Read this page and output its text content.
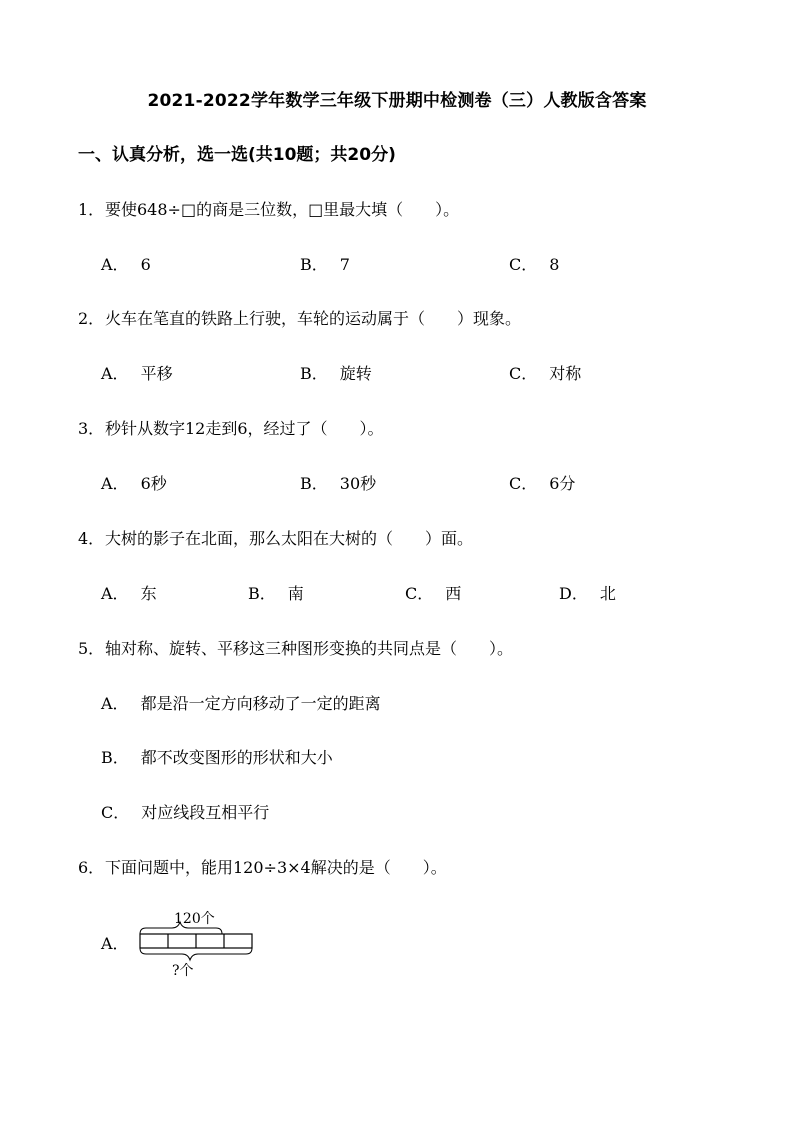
2021-2022学年数学三年级下册期中检测卷（三）人教版含答案
一、认真分析，选一选(共10题；共20分)
1．要使648÷□的商是三位数，□里最大填（　　）。
A． 6	B． 7	C． 8
2．火车在笔直的铁路上行驶，车轮的运动属于（　　）现象。
A． 平移	B． 旋转	C． 对称
3．秒针从数字12走到6，经过了（　　）。
A． 6秒	B． 30秒	C． 6分
4．大树的影子在北面，那么太阳在大树的（　　）面。
A． 东	B． 南	C． 西	D． 北
5．轴对称、旋转、平移这三种图形变换的共同点是（　　）。
A． 都是沿一定方向移动了一定的距离
B． 都不改变图形的形状和大小
C． 对应线段互相平行
6．下面问题中，能用120÷3×4解决的是（　　）。
A．
120个
?个
